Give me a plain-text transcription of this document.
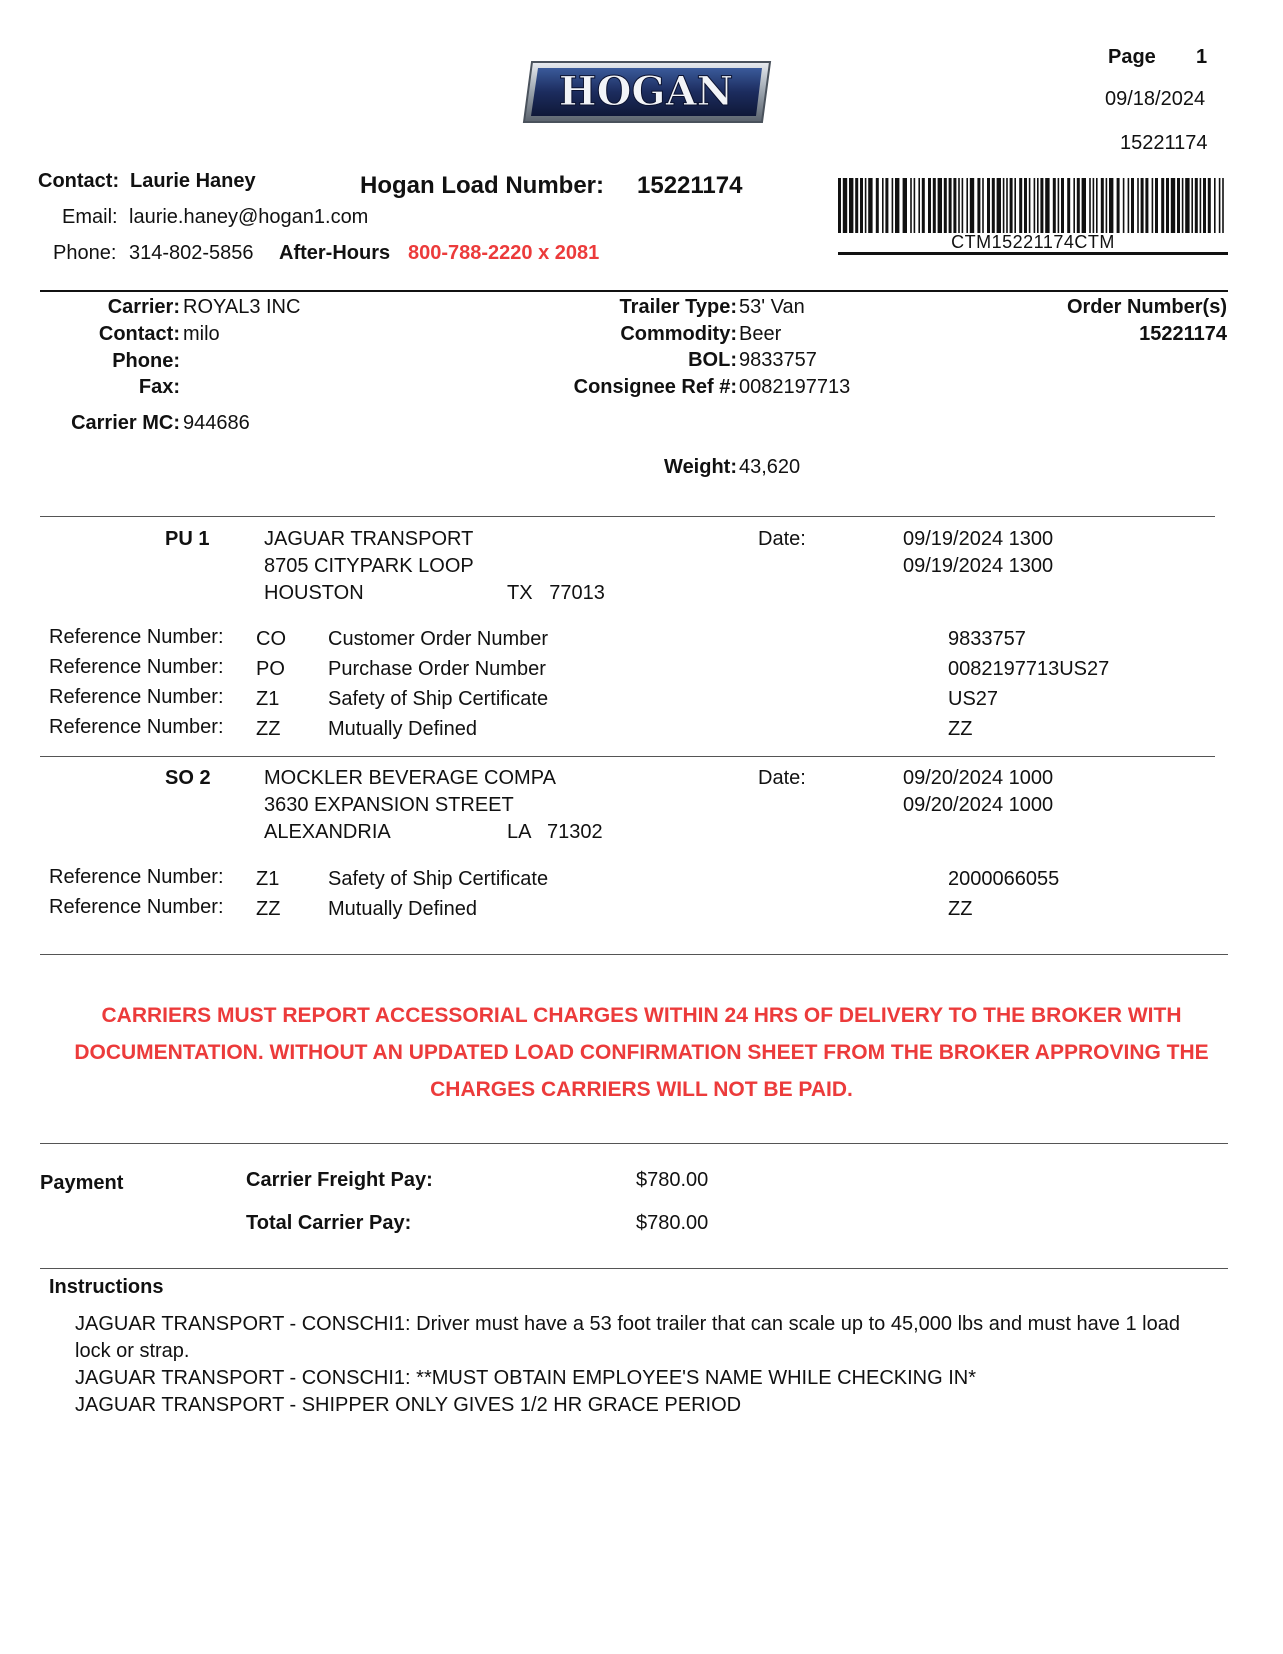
HOGAN
Page 1
09/18/2024
15221174
Contact: Laurie Haney	Hogan Load Number: 15221174
Email: laurie.haney@hogan1.com
Phone: 314-802-5856 After-Hours 800-788-2220 x 2081	CTM15221174CTM
Carrier: ROYAL3 INC
Contact: milo
Phone:
Fax:
Carrier MC: 944686
Trailer Type: 53' Van
Commodity: Beer
BOL: 9833757
Consignee Ref #: 0082197713
Weight: 43,620
Order Number(s)
15221174
PU 1	JAGUAR TRANSPORT
8705 CITYPARK LOOP
HOUSTON	TX   77013
Date:	09/19/2024 1300
09/19/2024 1300
Reference Number: CO Customer Order Number	9833757
Reference Number: PO Purchase Order Number	0082197713US27
Reference Number: Z1 Safety of Ship Certificate	US27
Reference Number: ZZ Mutually Defined	ZZ
SO 2	MOCKLER BEVERAGE COMPA
3630 EXPANSION STREET
ALEXANDRIA	LA   71302
Date:	09/20/2024 1000
09/20/2024 1000
Reference Number: Z1 Safety of Ship Certificate	2000066055
Reference Number: ZZ Mutually Defined	ZZ
CARRIERS MUST REPORT ACCESSORIAL CHARGES WITHIN 24 HRS OF DELIVERY TO THE BROKER WITH
DOCUMENTATION. WITHOUT AN UPDATED LOAD CONFIRMATION SHEET FROM THE BROKER APPROVING THE
CHARGES CARRIERS WILL NOT BE PAID.
Payment	Carrier Freight Pay:	$780.00
Total Carrier Pay:	$780.00
Instructions
JAGUAR TRANSPORT - CONSCHI1: Driver must have a 53 foot trailer that can scale up to 45,000 lbs and must have 1 load lock or strap.
JAGUAR TRANSPORT - CONSCHI1: **MUST OBTAIN EMPLOYEE'S NAME WHILE CHECKING IN*
JAGUAR TRANSPORT - SHIPPER ONLY GIVES 1/2 HR GRACE PERIOD
